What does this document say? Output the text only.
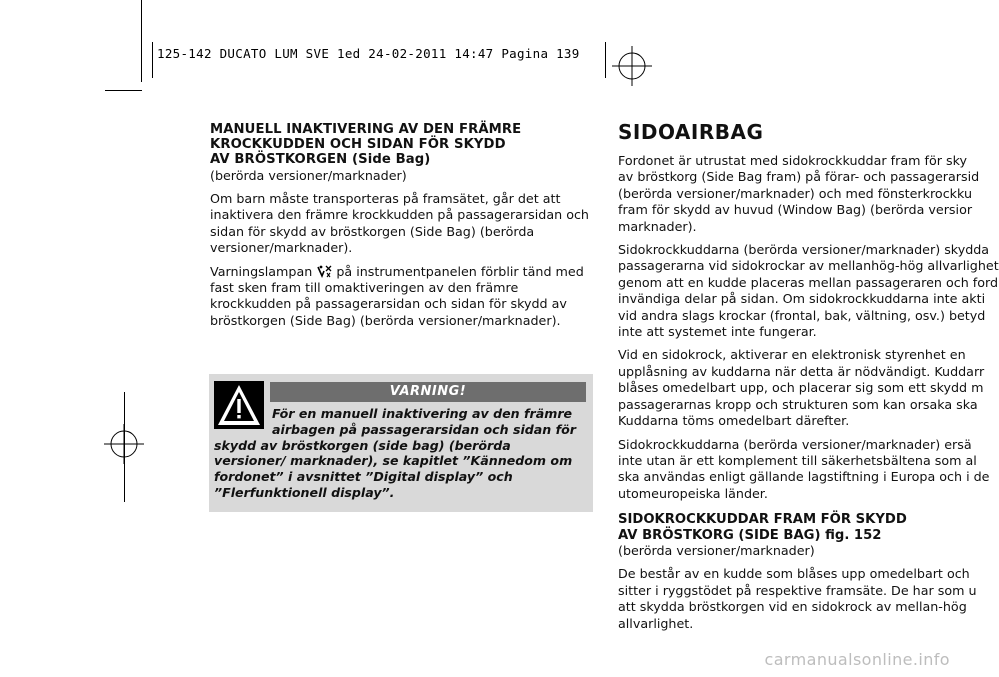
125-142 DUCATO LUM SVE 1ed 24-02-2011 14:47 Pagina 139
MANUELL INAKTIVERING AV DEN FRÄMRE
KROCKKUDDEN OCH SIDAN FÖR SKYDD
AV BRÖSTKORGEN (Side Bag)
(berörda versioner/marknader)

Om barn måste transporteras på framsätet, går det att inaktivera den främre krockkudden på passagerarsidan och sidan för skydd av bröstkorgen (Side Bag) (berörda versioner/marknader).

Varningslampan  på instrumentpanelen förblir tänd med fast sken fram till omaktiveringen av den främre krockkudden på passagerarsidan och sidan för skydd av bröstkorgen (Side Bag) (berörda versioner/marknader).

VARNING!
För en manuell inaktivering av den främre airbagen på passagerarsidan och sidan för
skydd av bröstkorgen (side bag) (berörda versioner/ marknader), se kapitlet ”Kännedom om fordonet” i avsnittet ”Digital display” och ”Flerfunktionell display”.
SIDOAIRBAG
Fordonet är utrustat med sidokrockkuddar fram för sky
av bröstkorg (Side Bag fram) på förar- och passagerarsid
(berörda versioner/marknader) och med fönsterkrockku
fram för skydd av huvud (Window Bag) (berörda versior
marknader).
Sidokrockkuddarna (berörda versioner/marknader) skydda
passagerarna vid sidokrockar av mellanhög-hög allvarlighet
genom att en kudde placeras mellan passageraren och ford
invändiga delar på sidan. Om sidokrockkuddarna inte akti
vid andra slags krockar (frontal, bak, vältning, osv.) betyd
inte att systemet inte fungerar.
Vid en sidokrock, aktiverar en elektronisk styrenhet en
upplåsning av kuddarna när detta är nödvändigt. Kuddarr
blåses omedelbart upp, och placerar sig som ett skydd m
passagerarnas kropp och strukturen som kan orsaka ska
Kuddarna töms omedelbart därefter.
Sidokrockkuddarna (berörda versioner/marknader) ersä
inte utan är ett komplement till säkerhetsbältena som al
ska användas enligt gällande lagstiftning i Europa och i de
utomeuropeiska länder.
SIDOKROCKKUDDAR FRAM FÖR SKYDD
AV BRÖSTKORG (SIDE BAG) fig. 152
(berörda versioner/marknader)
De består av en kudde som blåses upp omedelbart och
sitter i ryggstödet på respektive framsäte. De har som u
att skydda bröstkorgen vid en sidokrock av mellan-hög
allvarlighet.
carmanualsonline.info
